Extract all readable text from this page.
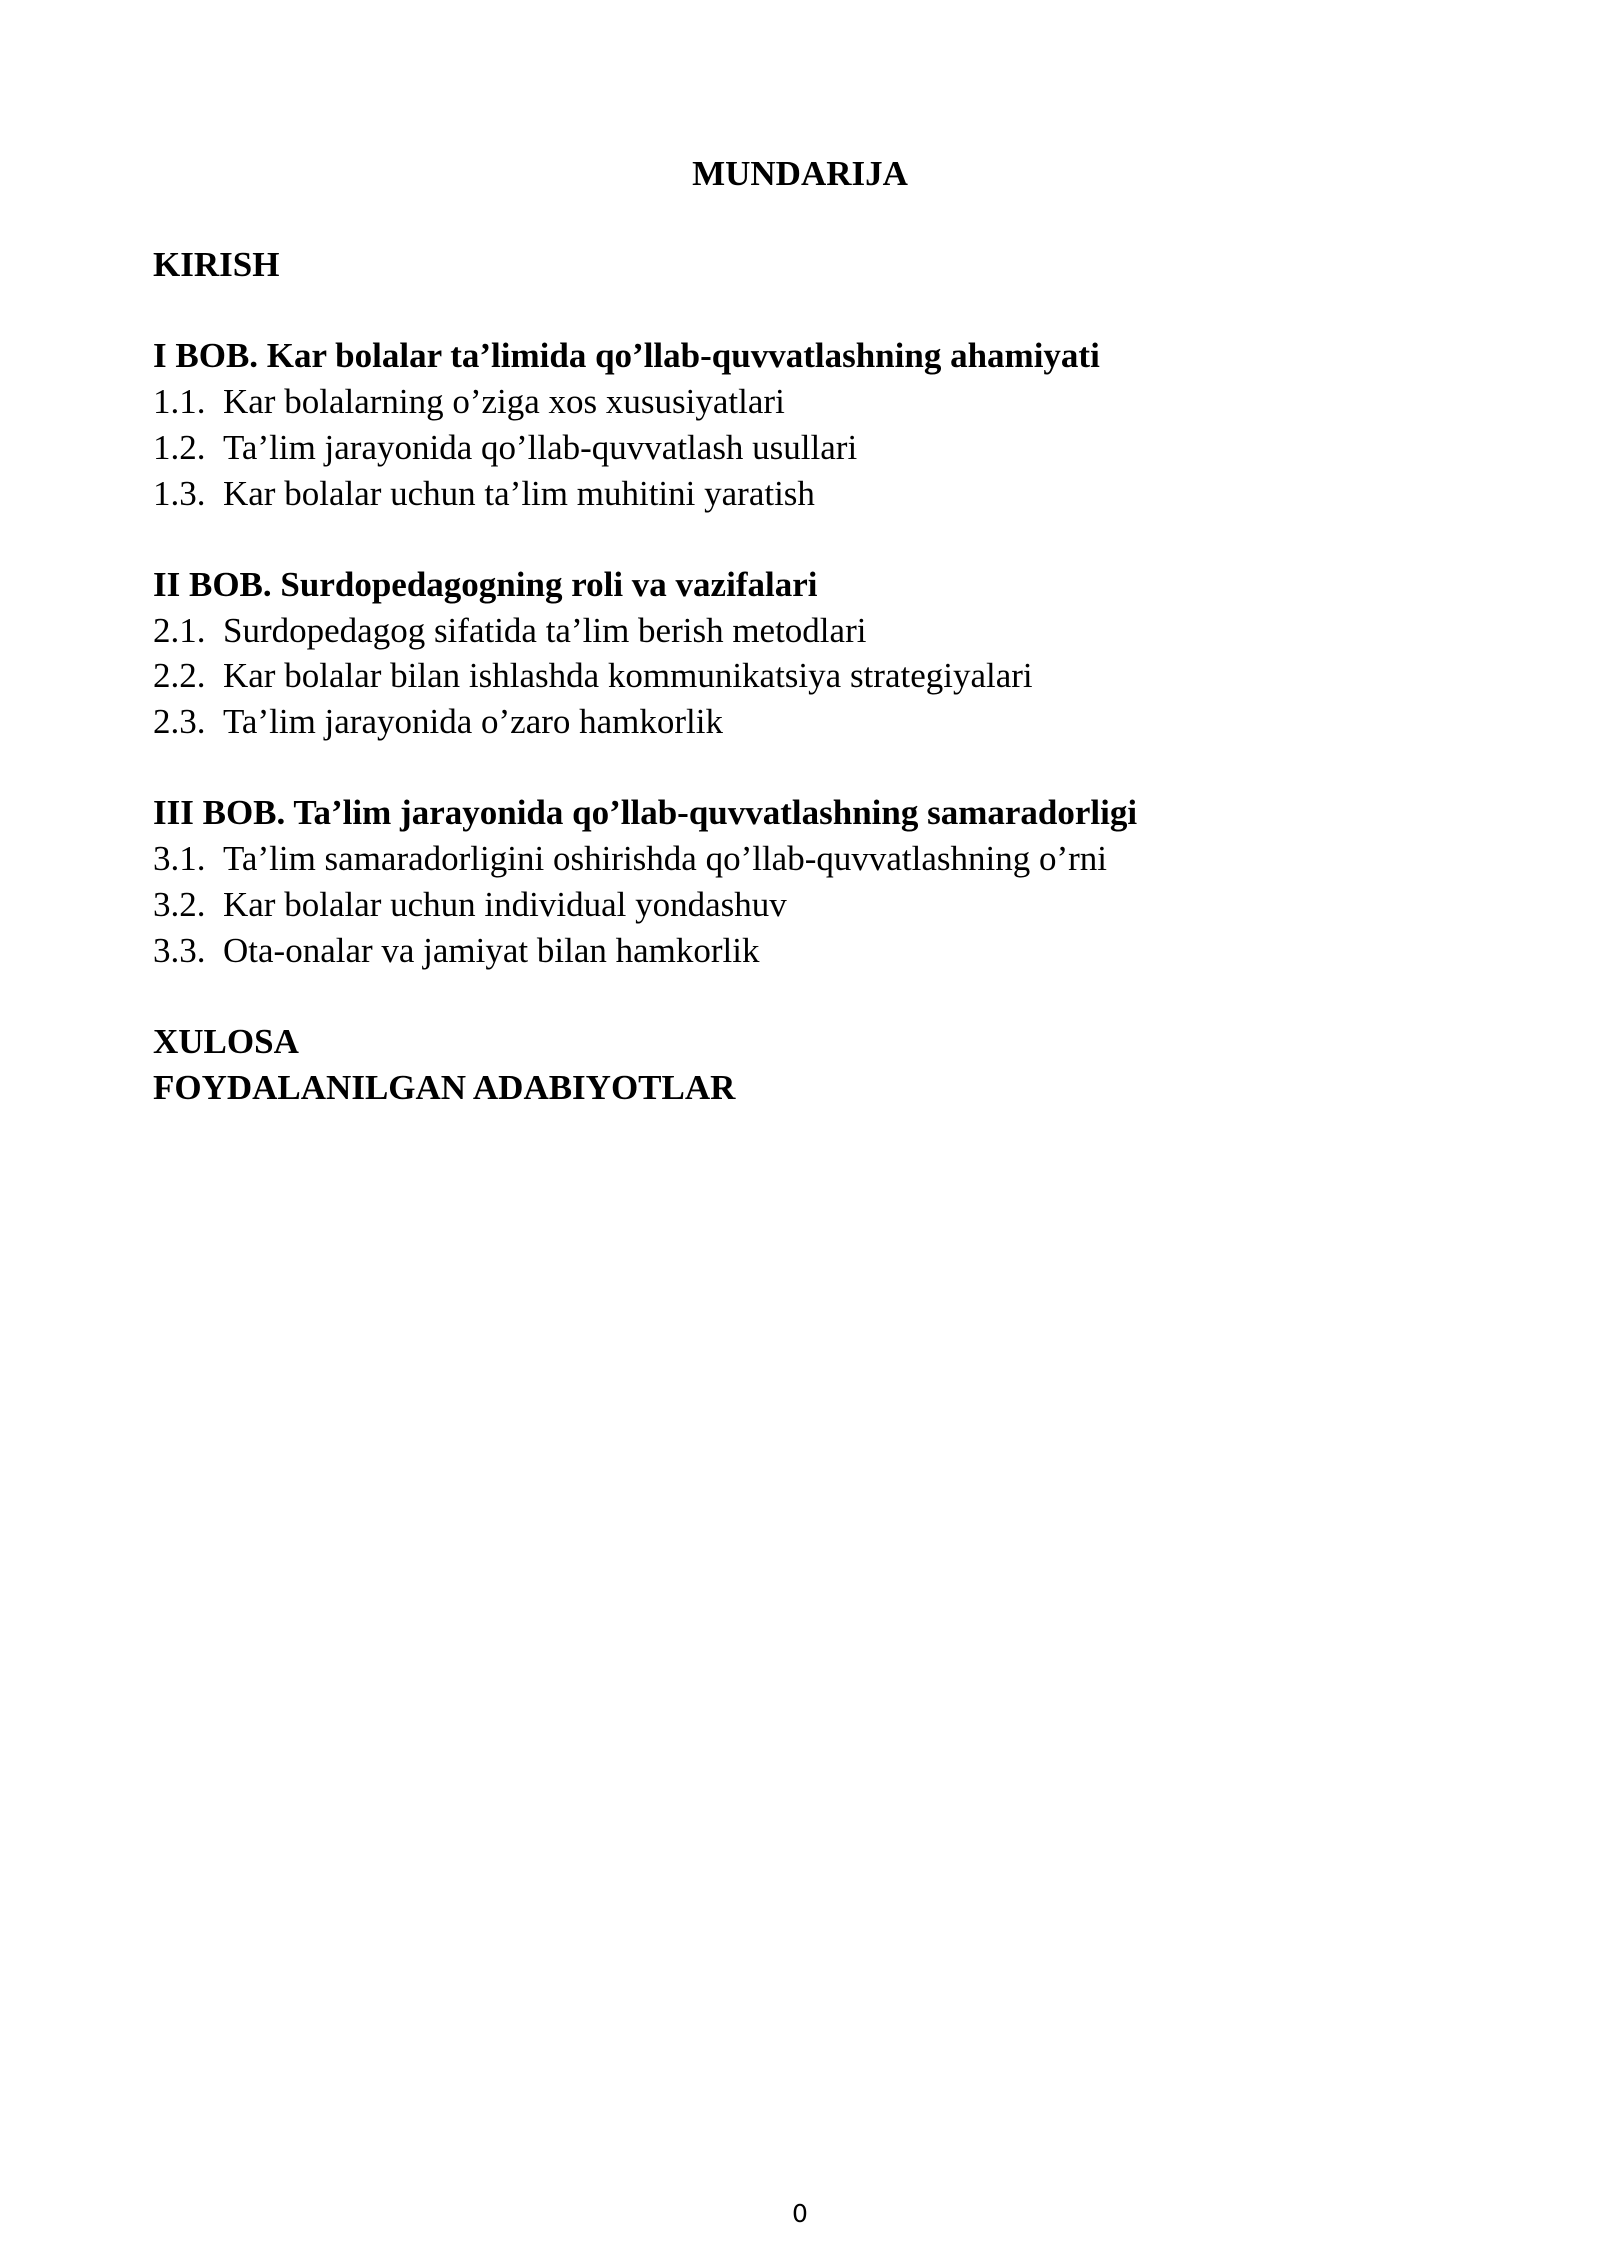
MUNDARIJA
KIRISH
I BOB. Kar bolalar ta’limida qo’llab-quvvatlashning ahamiyati
1.1. Kar bolalarning o’ziga xos xususiyatlari
1.2. Ta’lim jarayonida qo’llab-quvvatlash usullari
1.3. Kar bolalar uchun ta’lim muhitini yaratish
II BOB. Surdopedagogning roli va vazifalari
2.1. Surdopedagog sifatida ta’lim berish metodlari
2.2. Kar bolalar bilan ishlashda kommunikatsiya strategiyalari
2.3. Ta’lim jarayonida o’zaro hamkorlik
III BOB. Ta’lim jarayonida qo’llab-quvvatlashning samaradorligi
3.1. Ta’lim samaradorligini oshirishda qo’llab-quvvatlashning o’rni
3.2. Kar bolalar uchun individual yondashuv
3.3. Ota-onalar va jamiyat bilan hamkorlik
XULOSA
FOYDALANILGAN ADABIYOTLAR
0
